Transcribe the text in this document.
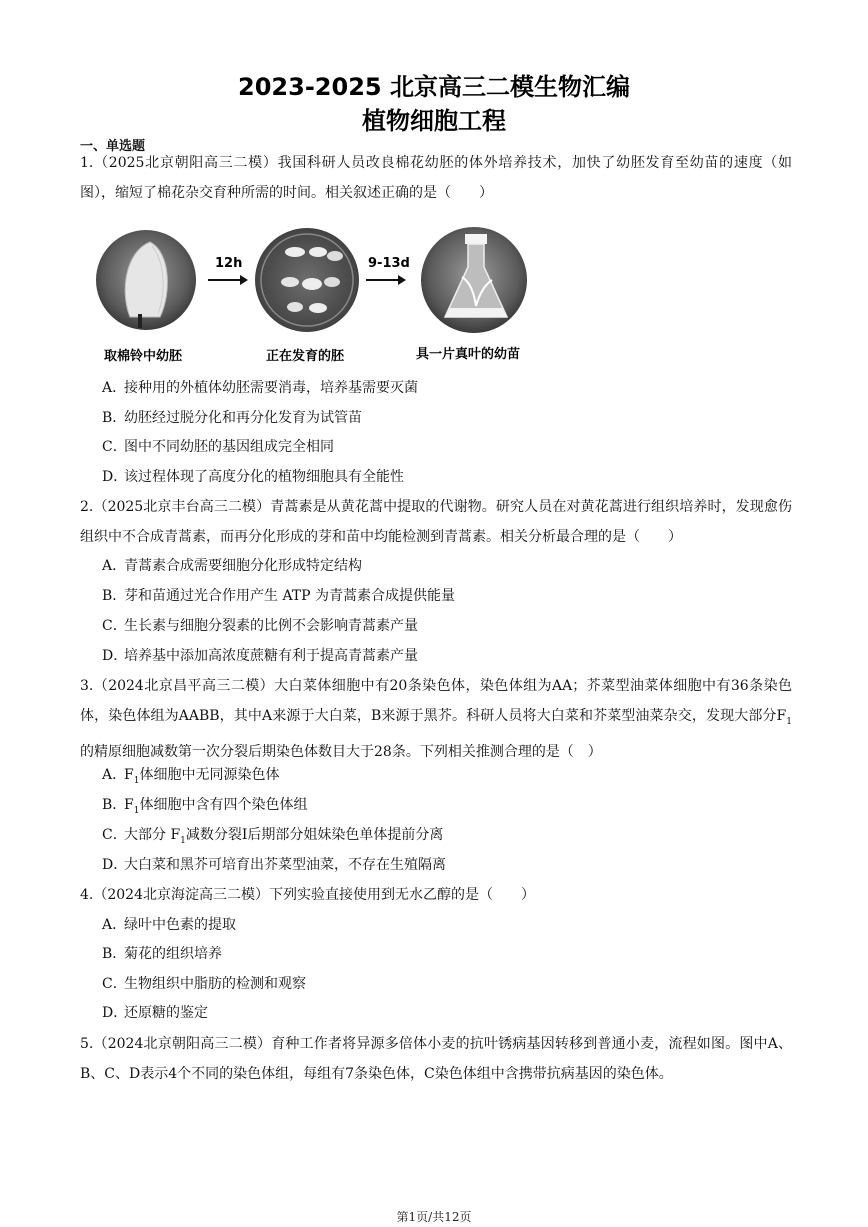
2023-2025 北京高三二模生物汇编
植物细胞工程
一、单选题

1.（2025北京朝阳高三二模）我国科研人员改良棉花幼胚的体外培养技术，加快了幼胚发育至幼苗的速度（如图），缩短了棉花杂交育种所需的时间。相关叙述正确的是（　　）

12h	9-13d
取棉铃中幼胚	正在发育的胚	具一片真叶的幼苗
A．接种用的外植体幼胚需要消毒，培养基需要灭菌
B．幼胚经过脱分化和再分化发育为试管苗
C．图中不同幼胚的基因组成完全相同
D．该过程体现了高度分化的植物细胞具有全能性

2.（2025北京丰台高三二模）青蒿素是从黄花蒿中提取的代谢物。研究人员在对黄花蒿进行组织培养时，发现愈伤组织中不合成青蒿素，而再分化形成的芽和苗中均能检测到青蒿素。相关分析最合理的是（　　）

A．青蒿素合成需要细胞分化形成特定结构
B．芽和苗通过光合作用产生 ATP 为青蒿素合成提供能量
C．生长素与细胞分裂素的比例不会影响青蒿素产量
D．培养基中添加高浓度蔗糖有利于提高青蒿素产量

3.（2024北京昌平高三二模）大白菜体细胞中有20条染色体，染色体组为AA；芥菜型油菜体细胞中有36条染色体，染色体组为AABB，其中A来源于大白菜，B来源于黑芥。科研人员将大白菜和芥菜型油菜杂交，发现大部分$F_1$的精原细胞减数第一次分裂后期染色体数目大于28条。下列相关推测合理的是（　）

A．$F_1$体细胞中无同源染色体
B．$F_1$体细胞中含有四个染色体组
C．大部分 $F_1$减数分裂Ⅰ后期部分姐妹染色单体提前分离
D．大白菜和黑芥可培育出芥菜型油菜，不存在生殖隔离

4.（2024北京海淀高三二模）下列实验直接使用到无水乙醇的是（　　）

A．绿叶中色素的提取
B．菊花的组织培养
C．生物组织中脂肪的检测和观察
D．还原糖的鉴定

5.（2024北京朝阳高三二模）育种工作者将异源多倍体小麦的抗叶锈病基因转移到普通小麦，流程如图。图中A、B、C、D表示4个不同的染色体组，每组有7条染色体，C染色体组中含携带抗病基因的染色体。

第1页/共12页
